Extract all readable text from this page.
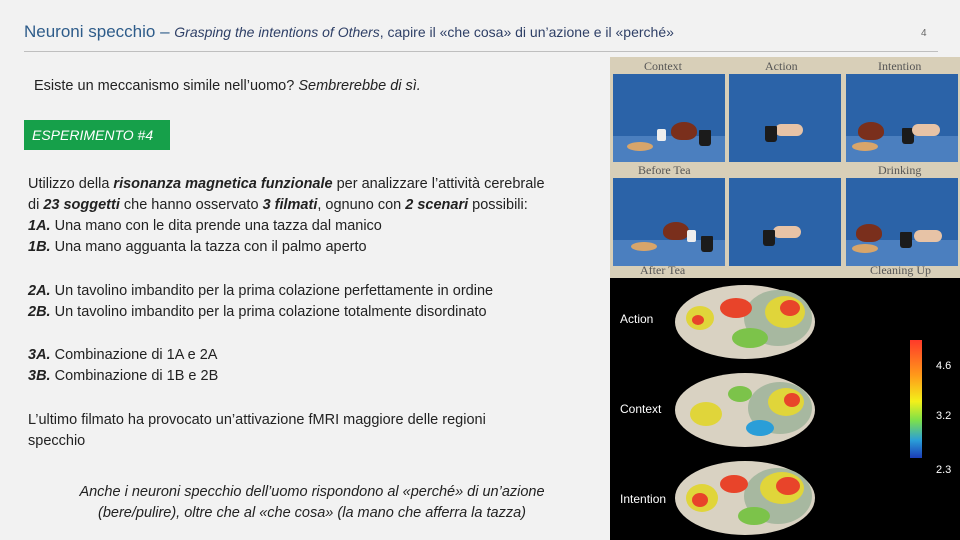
Neuroni specchio – Grasping the intentions of Others, capire il «che cosa» di un’azione e il «perché»	4
Esiste un meccanismo simile nell’uomo? Sembrerebbe di sì.
ESPERIMENTO #4
Utilizzo della risonanza magnetica funzionale per analizzare l’attività cerebrale
di 23 soggetti che hanno osservato 3 filmati, ognuno con 2 scenari possibili:
1A. Una mano con le dita prende una tazza dal manico
1B. Una mano agguanta la tazza con il palmo aperto
2A. Un tavolino imbandito per la prima colazione perfettamente in ordine
2B. Un tavolino imbandito per la prima colazione totalmente disordinato
3A. Combinazione di 1A e 2A
3B. Combinazione di 1B e 2B
L’ultimo filmato ha provocato un’attivazione fMRI maggiore delle regioni
specchio
Anche i neuroni specchio dell’uomo rispondono al «perché» di un’azione
(bere/pulire), oltre che al «che cosa» (la mano che afferra la tazza)
Context	Action	Intention
Before Tea	Drinking
After Tea	Cleaning Up
Action
Context
Intention
4.6
3.2
2.3
